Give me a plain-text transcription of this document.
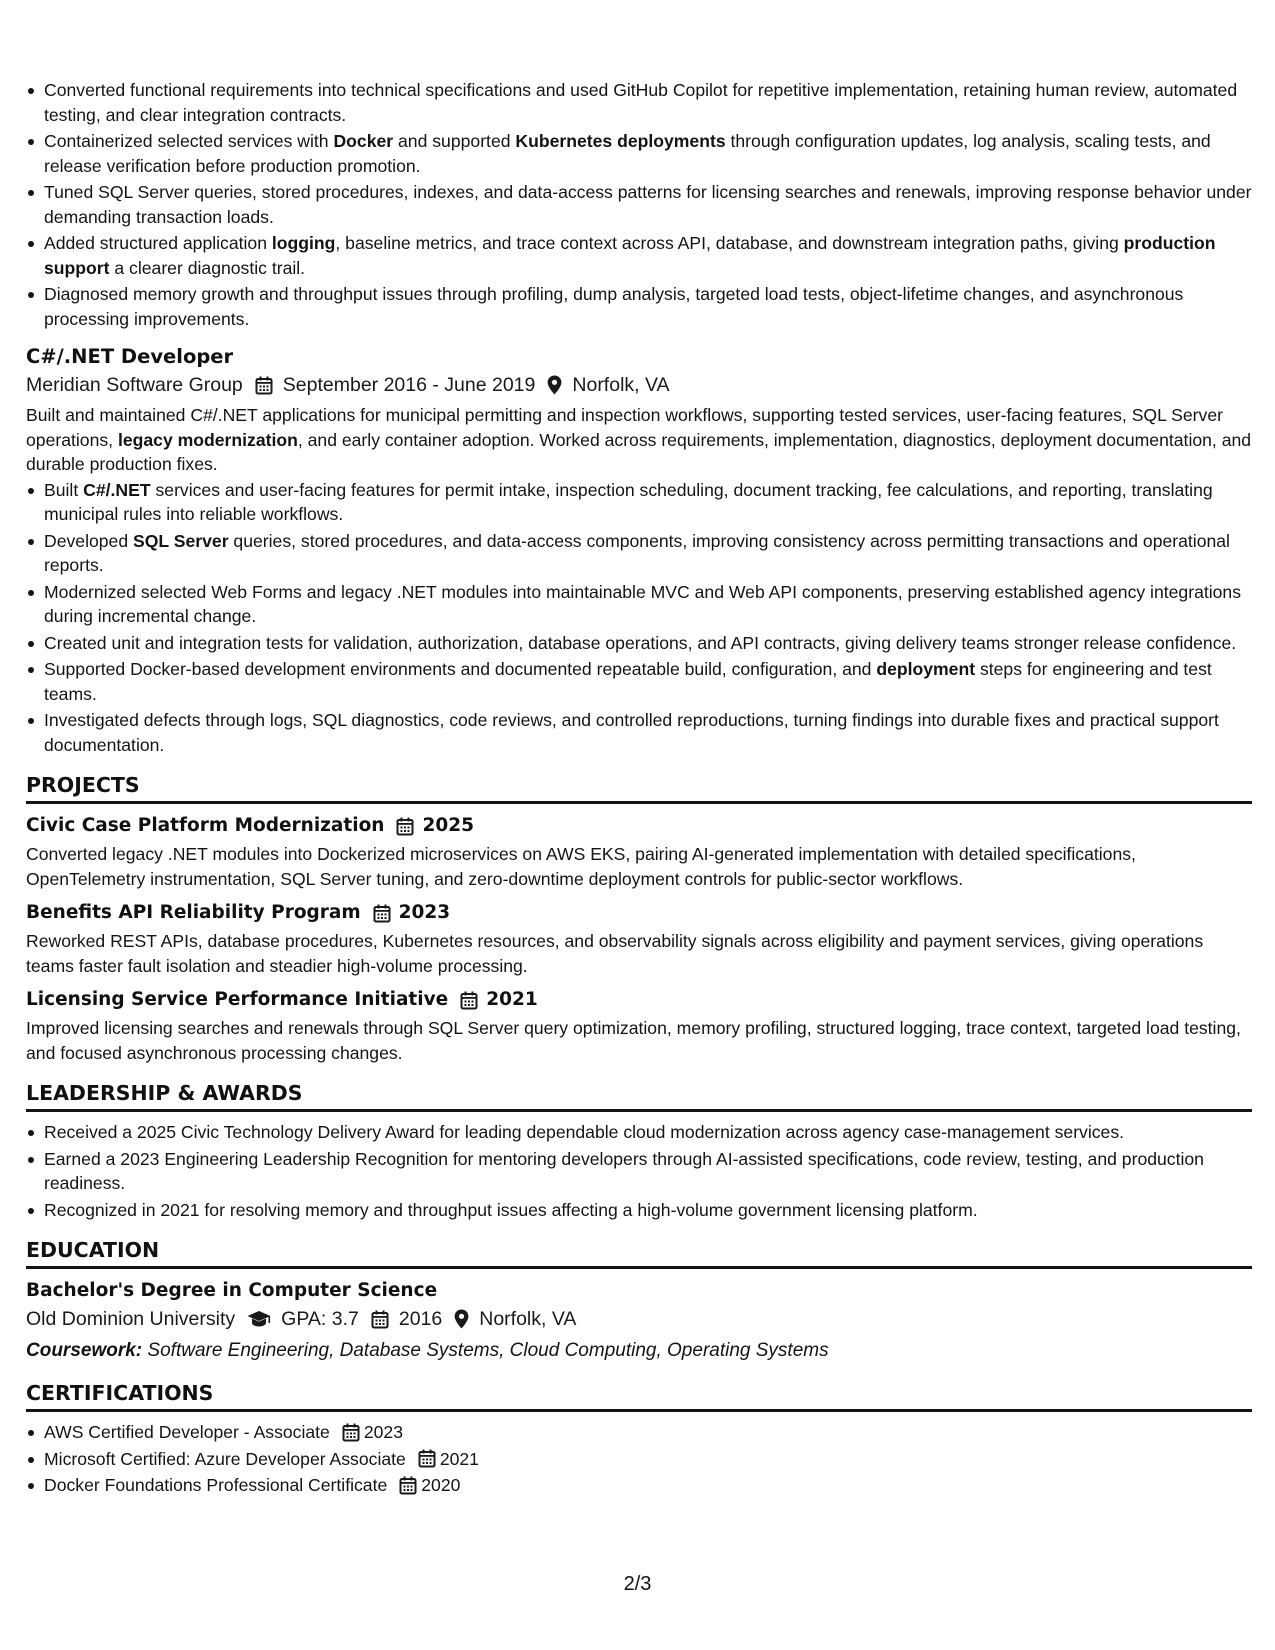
Converted functional requirements into technical specifications and used GitHub Copilot for repetitive implementation, retaining human review, automated testing, and clear integration contracts.
Containerized selected services with Docker and supported Kubernetes deployments through configuration updates, log analysis, scaling tests, and release verification before production promotion.
Tuned SQL Server queries, stored procedures, indexes, and data-access patterns for licensing searches and renewals, improving response behavior under demanding transaction loads.
Added structured application logging, baseline metrics, and trace context across API, database, and downstream integration paths, giving production support a clearer diagnostic trail.
Diagnosed memory growth and throughput issues through profiling, dump analysis, targeted load tests, object-lifetime changes, and asynchronous processing improvements.
C#/.NET Developer
Meridian Software Group September 2016 - June 2019 Norfolk, VA

Built and maintained C#/.NET applications for municipal permitting and inspection workflows, supporting tested services, user-facing features, SQL Server operations, legacy modernization, and early container adoption. Worked across requirements, implementation, diagnostics, deployment documentation, and durable production fixes.

Built C#/.NET services and user-facing features for permit intake, inspection scheduling, document tracking, fee calculations, and reporting, translating municipal rules into reliable workflows.
Developed SQL Server queries, stored procedures, and data-access components, improving consistency across permitting transactions and operational reports.
Modernized selected Web Forms and legacy .NET modules into maintainable MVC and Web API components, preserving established agency integrations during incremental change.
Created unit and integration tests for validation, authorization, database operations, and API contracts, giving delivery teams stronger release confidence.
Supported Docker-based development environments and documented repeatable build, configuration, and deployment steps for engineering and test teams.
Investigated defects through logs, SQL diagnostics, code reviews, and controlled reproductions, turning findings into durable fixes and practical support documentation.
PROJECTS
Civic Case Platform Modernization 2025
Converted legacy .NET modules into Dockerized microservices on AWS EKS, pairing AI-generated implementation with detailed specifications, OpenTelemetry instrumentation, SQL Server tuning, and zero-downtime deployment controls for public-sector workflows.
Benefits API Reliability Program 2023
Reworked REST APIs, database procedures, Kubernetes resources, and observability signals across eligibility and payment services, giving operations teams faster fault isolation and steadier high-volume processing.
Licensing Service Performance Initiative 2021
Improved licensing searches and renewals through SQL Server query optimization, memory profiling, structured logging, trace context, targeted load testing, and focused asynchronous processing changes.
LEADERSHIP & AWARDS
Received a 2025 Civic Technology Delivery Award for leading dependable cloud modernization across agency case-management services.
Earned a 2023 Engineering Leadership Recognition for mentoring developers through AI-assisted specifications, code review, testing, and production readiness.
Recognized in 2021 for resolving memory and throughput issues affecting a high-volume government licensing platform.
EDUCATION
Bachelor's Degree in Computer Science
Old Dominion University GPA: 3.7 2016 Norfolk, VA
Coursework: Software Engineering, Database Systems, Cloud Computing, Operating Systems
CERTIFICATIONS
AWS Certified Developer - Associate 2023
Microsoft Certified: Azure Developer Associate 2021
Docker Foundations Professional Certificate 2020
2/3
